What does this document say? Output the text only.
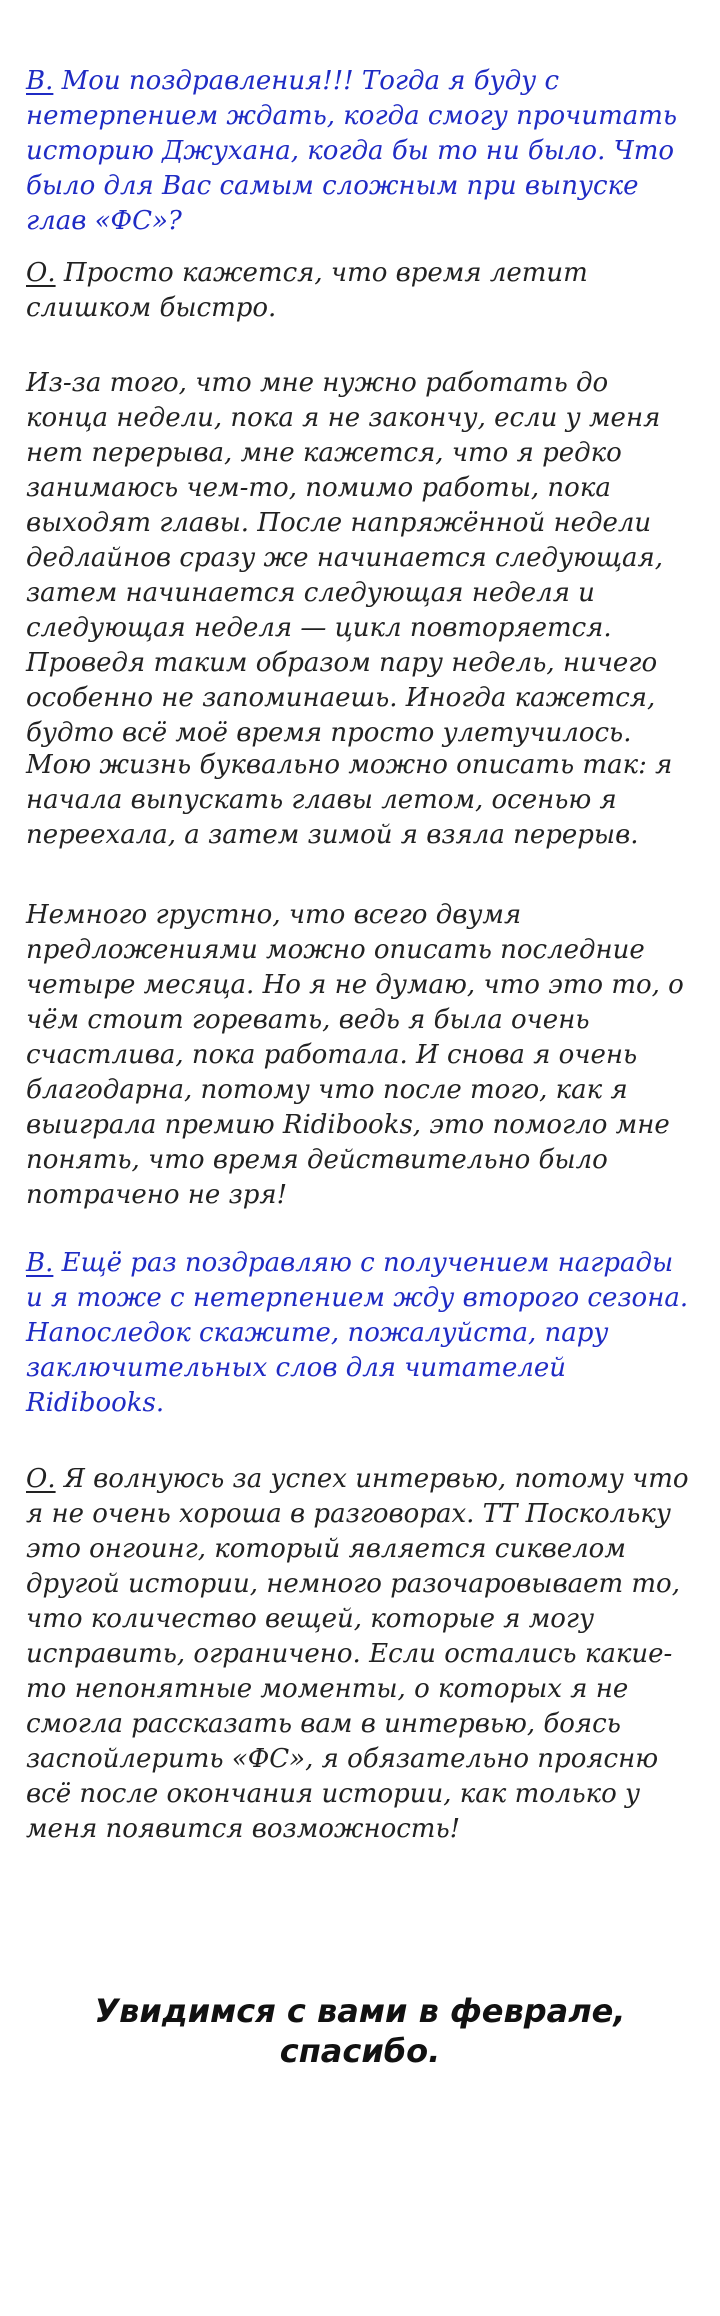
В. Мои поздравления!!! Тогда я буду с нетерпением ждать, когда смогу прочитать историю Джухана, когда бы то ни было. Что было для Вас самым сложным при выпуске глав «ФС»?

О. Просто кажется, что время летит слишком быстро.

Из-за того, что мне нужно работать до конца недели, пока я не закончу, если у меня нет перерыва, мне кажется, что я редко занимаюсь чем-то, помимо работы, пока выходят главы. После напряжённой недели дедлайнов сразу же начинается следующая, затем начинается следующая неделя и следующая неделя — цикл повторяется. Проведя таким образом пару недель, ничего особенно не запоминаешь. Иногда кажется, будто всё моё время просто улетучилось.

Мою жизнь буквально можно описать так: я начала выпускать главы летом, осенью я переехала, а затем зимой я взяла перерыв.

Немного грустно, что всего двумя предложениями можно описать последние четыре месяца. Но я не думаю, что это то, о чём стоит горевать, ведь я была очень счастлива, пока работала. И снова я очень благодарна, потому что после того, как я выиграла премию Ridibooks, это помогло мне понять, что время действительно было потрачено не зря!

В. Ещё раз поздравляю с получением награды и я тоже с нетерпением жду второго сезона. Напоследок скажите, пожалуйста, пару заключительных слов для читателей Ridibooks.

О. Я волнуюсь за успех интервью, потому что я не очень хороша в разговорах. ТТ Поскольку это онгоинг, который является сиквелом другой истории, немного разочаровывает то, что количество вещей, которые я могу исправить, ограничено. Если остались какие-то непонятные моменты, о которых я не смогла рассказать вам в интервью, боясь заспойлерить «ФС», я обязательно проясню всё после окончания истории, как только у меня появится возможность!

Увидимся с вами в феврале,
спасибо.
